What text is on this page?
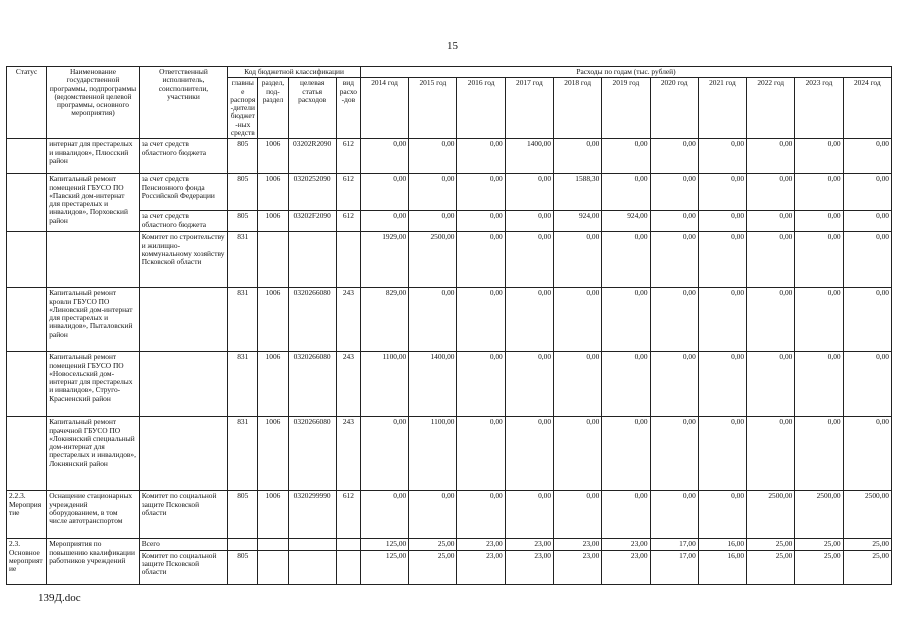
15
Статус	Наименование государственной программы, подпрограммы (ведомственной целевой программы, основного мероприятия)	Ответственный исполнитель, соисполнители, участники	Код бюджетной классификации				Расходы по годам (тыс. рублей)										
			главные распоря-дители бюджет-ных средств	раздел, под-раздел	целевая статья расходов	вид расхо-дов	2014 год	2015 год	2016 год	2017 год	2018 год	2019 год	2020 год	2021 год	2022 год	2023 год	2024 год
	интернат для престарелых и инвалидов», Плюсский район	за счет средств областного бюджета	805	1006	03202R2090	612	0,00	0,00	0,00	1400,00	0,00	0,00	0,00	0,00	0,00	0,00	0,00
	Капитальный ремонт помещений ГБУСО ПО «Павский дом-интернат для престарелых и инвалидов», Порховский район	за счет средств Пенсионного фонда Российской Федерации	805	1006	0320252090	612	0,00	0,00	0,00	0,00	1588,30	0,00	0,00	0,00	0,00	0,00	0,00
		за счет средств областного бюджета	805	1006	03202F2090	612	0,00	0,00	0,00	0,00	924,00	924,00	0,00	0,00	0,00	0,00	0,00
		Комитет по строительству и жилищно-коммунальному хозяйству Псковской области	831				1929,00	2500,00	0,00	0,00	0,00	0,00	0,00	0,00	0,00	0,00	0,00
	Капитальный ремонт кровли ГБУСО ПО «Линовский дом-интернат для престарелых и инвалидов», Пыталовский район		831	1006	0320266080	243	829,00	0,00	0,00	0,00	0,00	0,00	0,00	0,00	0,00	0,00	0,00
	Капитальный ремонт помещений ГБУСО ПО «Новосельский дом-интернат для престарелых и инвалидов», Струго-Красненский район		831	1006	0320266080	243	1100,00	1400,00	0,00	0,00	0,00	0,00	0,00	0,00	0,00	0,00	0,00
	Капитальный ремонт прачечной ГБУСО ПО «Локнянский специальный дом-интернат для престарелых и инвалидов», Локнянский район		831	1006	0320266080	243	0,00	1100,00	0,00	0,00	0,00	0,00	0,00	0,00	0,00	0,00	0,00
2.2.3. Мероприятие	Оснащение стационарных учреждений оборудованием, в том числе автотранспортом	Комитет по социальной защите Псковской области	805	1006	0320299990	612	0,00	0,00	0,00	0,00	0,00	0,00	0,00	0,00	2500,00	2500,00	2500,00
2.3. Основное мероприятие	Мероприятия по повышению квалификации работников учреждений	Всего					125,00	25,00	23,00	23,00	23,00	23,00	17,00	16,00	25,00	25,00	25,00
		Комитет по социальной защите Псковской области	805				125,00	25,00	23,00	23,00	23,00	23,00	17,00	16,00	25,00	25,00	25,00
139Д.doc
